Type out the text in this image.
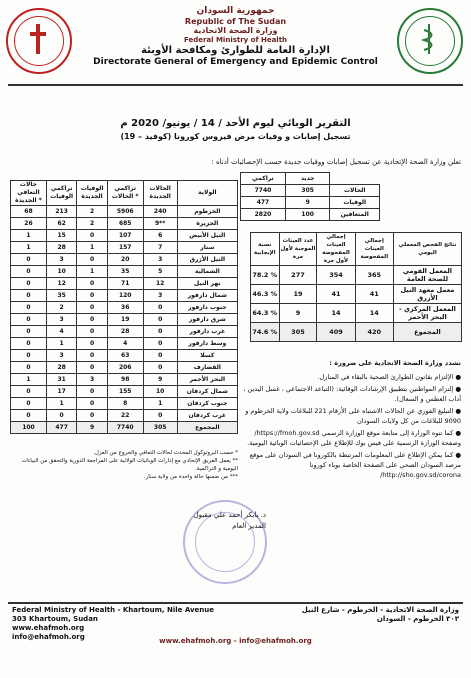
جمهورية السودان
Republic of The Sudan
وزارة الصحة الاتحادية
Federal Ministry of Health
الإدارة العامة للطوارئ ومكافحة الأوبئة
Directorate General of Emergency and Epidemic Control
التقرير الوبائي ليوم الأحد / 14 / يونيو/ 2020 م
تسجيل إصابات و وفيات مرض فيروس كورونا (كوفيد – 19)
تعلن وزارة الصحة الإتحادية عن تسجيل إصابات ووفيات جديدة حسب الإحصائيات أدناه :
تراكمي	جديد	
7740	305	الحالات
477	9	الوفيات
2820	100	المتعافين
حالات التعافي الجديدة *	تراكمي الوفيات	الوفيات الجديدة	تراكمي الحالات *	الحالات الجديدة	الولاية
68	213	2	5906	240	الخرطوم
26	62	2	685	9**	الجزيرة
1	15	0	107	6	النيل الأبيض
1	28	1	157	7	سنار
0	3	0	20	3	النيل الأزرق
0	10	1	35	5	الشمالية
0	12	0	71	12	نهر النيل
0	35	0	120	3	شمال دارفور
0	2	0	36	0	جنوب دارفور
0	3	0	19	0	شرق دارفور
0	4	0	28	0	غرب دارفور
0	1	0	4	0	وسط دارفور
0	3	0	63	0	كسلا
0	28	0	206	0	القضارف
1	31	3	98	9	البحر الأحمر
0	17	0	155	10	شمال كردفان
0	1	0	8	1	جنوب كردفان
0	0	0	22	0	غرب كردفان
100	477	9	7740	305	المجموع
نسبة الإيجابية	عدد العينات الموجبة لأول مرة	إجمالي العينات المفحوصة لأول مرة	إجمالي العينات المفحوصة	نتائج الفحص المعملي اليومي
78.2 %	277	354	365	المعمل القومي للصحة العامة
46.3 %	19	41	41	معمل معهد النيل الأزرق
64.3 %	9	14	14	المعمل المركزي - البحر الأحمر
74.6 %	305	409	420	المجموع
تشدد وزارة الصحة الاتحادية على ضرورة :
● الإلتزام بقانون الطوارئ الصحية بالبقاء في المنازل.
● إلتزام المواطنين بتطبيق الإرشادات الوقائية: (التباعد الاجتماعي ، غسل اليدين ، أداب العطس و السعال).
● التبليغ الفوري عن الحالات الاشتباه على الأرقام 221 للبلاغات ولاية الخرطوم و 9090 للبلاغات من كل ولايات السودان
● كما تنوه الوزارة إلى متابعة موقع الوزارة الرسمي https://fmoh.gov.sd/ وصفحة الوزارة الرسمية على فيس بوك للإطلاع على الإحصائيات الوبائية اليومية.
● كما يمكن الإطلاع على المعلومات المرتبطة بالكورونا في السودان على موقع مرصد السودان الصحي على الصفحة الخاصة بوباء كورونا http://sho.gov.sd/corona/
* حسب البروتوكول المحدث لحالات التعافي والخروج من العزل.
** يعمل الفريق الإتحادي مع إدارات الوبائيات الولائية على المراجعة الدورية والتحقق من البيانات اليومية و التراكمية.
*** من ضمنها حالة واحدة من ولاية سنار.
د. بابكر أحمد علي مقبول
المدير العام
Federal Ministry of Health - Khartoum, Nile Avenue
303 Khartoum, Sudan
www.ehafmoh.org
info@ehafmoh.org
وزارة الصحة الاتحادية - الخرطوم - شارع النيل
٣٠٣ الخرطوم - السودان
www.ehafmoh.org - info@ehafmoh.org
